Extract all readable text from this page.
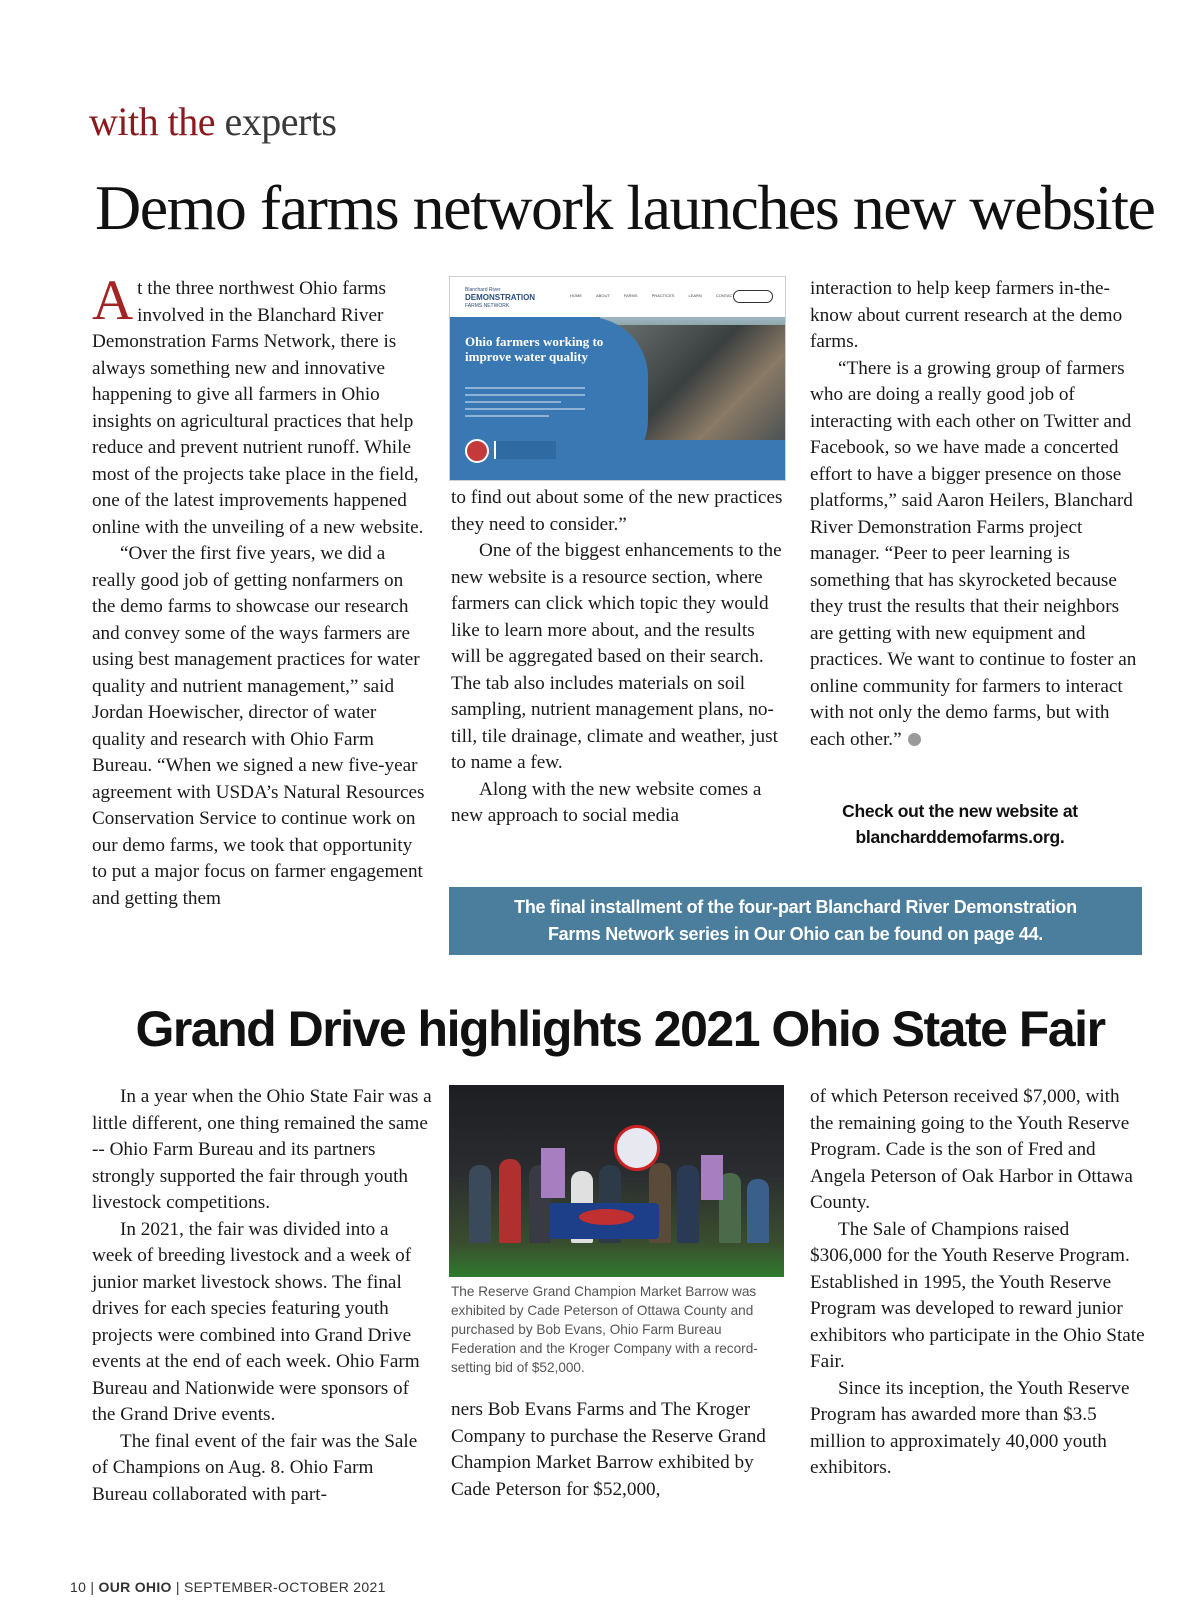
with the experts
Demo farms network launches new website

At the three northwest Ohio farms involved in the Blanchard River Demonstration Farms Network, there is always something new and innovative happening to give all farmers in Ohio insights on agricultural practices that help reduce and prevent nutrient runoff. While most of the projects take place in the field, one of the latest improvements happened online with the unveiling of a new website.

“Over the first five years, we did a really good job of getting nonfarmers on the demo farms to showcase our research and convey some of the ways farmers are using best management practices for water quality and nutrient management,” said Jordan Hoewischer, director of water quality and research with Ohio Farm Bureau. “When we signed a new five-year agreement with USDA’s Natural Resources Conservation Service to continue work on our demo farms, we took that opportunity to put a major focus on farmer engagement and getting them

Blanchard River
DEMONSTRATION
FARMS NETWORK
HOME	ABOUT	FARMS	PRACTICES	LEARN	CONTACT
Ohio farmers working to improve water quality

to find out about some of the new practices they need to consider.”

One of the biggest enhancements to the new website is a resource section, where farmers can click which topic they would like to learn more about, and the results will be aggregated based on their search. The tab also includes materials on soil sampling, nutrient management plans, no-till, tile drainage, climate and weather, just to name a few.

Along with the new website comes a new approach to social media

interaction to help keep farmers in-the-know about current research at the demo farms.

“There is a growing group of farmers who are doing a really good job of interacting with each other on Twitter and Facebook, so we have made a concerted effort to have a bigger presence on those platforms,” said Aaron Heilers, Blanchard River Demonstration Farms project manager. “Peer to peer learning is something that has skyrocketed because they trust the results that their neighbors are getting with new equipment and practices. We want to continue to foster an online community for farmers to interact with not only the demo farms, but with each other.”

Check out the new website at
blancharddemofarms.org.
The final installment of the four-part Blanchard River Demonstration
Farms Network series in Our Ohio can be found on page 44.
Grand Drive highlights 2021 Ohio State Fair

In a year when the Ohio State Fair was a little different, one thing remained the same -- Ohio Farm Bureau and its partners strongly supported the fair through youth livestock competitions.

In 2021, the fair was divided into a week of breeding livestock and a week of junior market livestock shows. The final drives for each species featuring youth projects were combined into Grand Drive events at the end of each week. Ohio Farm Bureau and Nationwide were sponsors of the Grand Drive events.

The final event of the fair was the Sale of Champions on Aug. 8. Ohio Farm Bureau collaborated with part-

The Reserve Grand Champion Market Barrow was exhibited by Cade Peterson of Ottawa County and purchased by Bob Evans, Ohio Farm Bureau Federation and the Kroger Company with a record-setting bid of $52,000.

ners Bob Evans Farms and The Kroger Company to purchase the Reserve Grand Champion Market Barrow exhibited by Cade Peterson for $52,000,

of which Peterson received $7,000, with the remaining going to the Youth Reserve Program. Cade is the son of Fred and Angela Peterson of Oak Harbor in Ottawa County.

The Sale of Champions raised $306,000 for the Youth Reserve Program. Established in 1995, the Youth Reserve Program was developed to reward junior exhibitors who participate in the Ohio State Fair.

Since its inception, the Youth Reserve Program has awarded more than $3.5 million to approximately 40,000 youth exhibitors.

10 | OUR OHIO | SEPTEMBER-OCTOBER 2021
